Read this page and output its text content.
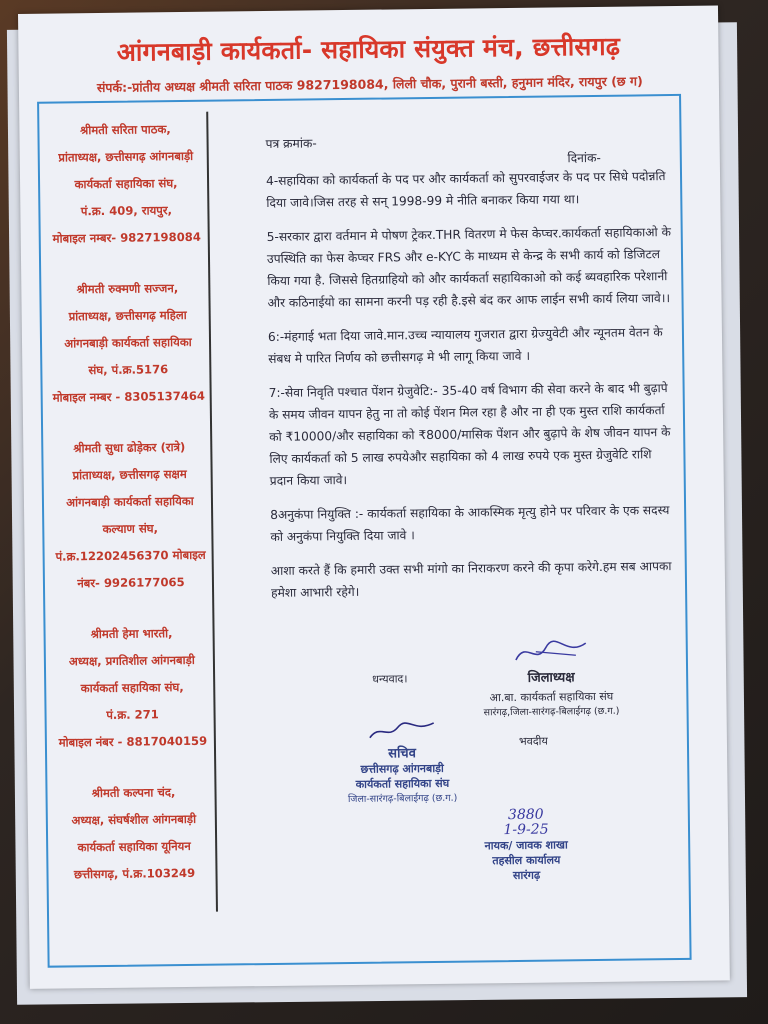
आंगनबाड़ी कार्यकर्ता- सहायिका संयुक्त मंच, छत्तीसगढ़
संपर्क:-प्रांतीय अध्यक्ष श्रीमती सरिता पाठक 9827198084, लिली चौक, पुरानी बस्ती, हनुमान मंदिर, रायपुर (छ ग)
श्रीमती सरिता पाठक,
प्रांताध्यक्ष, छत्तीसगढ़ आंगनबाड़ी
कार्यकर्ता सहायिका संघ,
पं.क्र. 409, रायपुर,
मोबाइल नम्बर- 9827198084
श्रीमती रुक्मणी सज्जन,
प्रांताध्यक्ष, छत्तीसगढ़ महिला
आंगनबाड़ी कार्यकर्ता सहायिका
संघ, पं.क्र.5176
मोबाइल नम्बर - 8305137464
श्रीमती सुधा ढोड़ेकर (रात्रे)
प्रांताध्यक्ष, छत्तीसगढ़ सक्षम
आंगनबाड़ी कार्यकर्ता सहायिका
कल्याण संघ,
पं.क्र.12202456370 मोबाइल
नंबर- 9926177065
श्रीमती हेमा भारती,
अध्यक्ष, प्रगतिशील आंगनबाड़ी
कार्यकर्ता सहायिका संघ,
पं.क्र. 271
मोबाइल नंबर - 8817040159
श्रीमती कल्पना चंद,
अध्यक्ष, संघर्षशील आंगनबाड़ी
कार्यकर्ता सहायिका यूनियन
छत्तीसगढ़, पं.क्र.103249
पत्र क्रमांक-
दिनांक-

4-सहायिका को कार्यकर्ता के पद पर और कार्यकर्ता को सुपरवाईजर के पद पर सिधे पदोन्नति दिया जावे।जिस तरह से सन् 1998-99 मे नीति बनाकर किया गया था।

5-सरकार द्वारा वर्तमान मे पोषण ट्रेकर.THR वितरण मे फेस केप्चर.कार्यकर्ता सहायिकाओ के उपस्थिति का फेस केप्चर FRS और e-KYC के माध्यम से केन्द्र के सभी कार्य को डिजिटल किया गया है. जिससे हितग्राहियो को और कार्यकर्ता सहायिकाओ को कई ब्यवहारिक परेशानी और कठिनाईयो का सामना करनी पड़ रही है.इसे बंद कर आफ लाईन सभी कार्य लिया जावे।।

6:-मंहगाई भता दिया जावे.मान.उच्च न्यायालय गुजरात द्वारा ग्रेज्युवेटी और न्यूनतम वेतन के संबध मे पारित निर्णय को छत्तीसगढ़ मे भी लागू किया जावे ।

7:-सेवा निवृति पश्चात पेंशन ग्रेजुवेटि:- 35-40 वर्ष विभाग की सेवा करने के बाद भी बुढ़ापे के समय जीवन यापन हेतु ना तो कोई पेंशन मिल रहा है और ना ही एक मुस्त राशि कार्यकर्ता को ₹10000/और सहायिका को ₹8000/मासिक पेंशन और बुढ़ापे के शेष जीवन यापन के लिए कार्यकर्ता को 5 लाख रुपयेऔर सहायिका को 4 लाख रुपये एक मुस्त ग्रेजुवेटि राशि प्रदान किया जावे।

8अनुकंपा नियुक्ति :- कार्यकर्ता सहायिका के आकस्मिक मृत्यु होने पर परिवार के एक सदस्य को अनुकंपा नियुक्ति दिया जावे ।

आशा करते हैं कि हमारी उक्त सभी मांगो का निराकरण करने की कृपा करेगे.हम सब आपका हमेशा आभारी रहेगे।

धन्यवाद।	जिलाध्यक्ष
आ.बा. कार्यकर्ता सहायिका संघ
सारंगढ़,जिला-सारंगढ़-बिलाईगढ़ (छ.ग.)
भवदीय
सचिव
छत्तीसगढ़ आंगनबाड़ी
कार्यकर्ता सहायिका संघ
जिला-सारंगढ़-बिलाईगढ़ (छ.ग.)
3880
1-9-25
नायक/ जावक शाखा
तहसील कार्यालय
सारंगढ़
